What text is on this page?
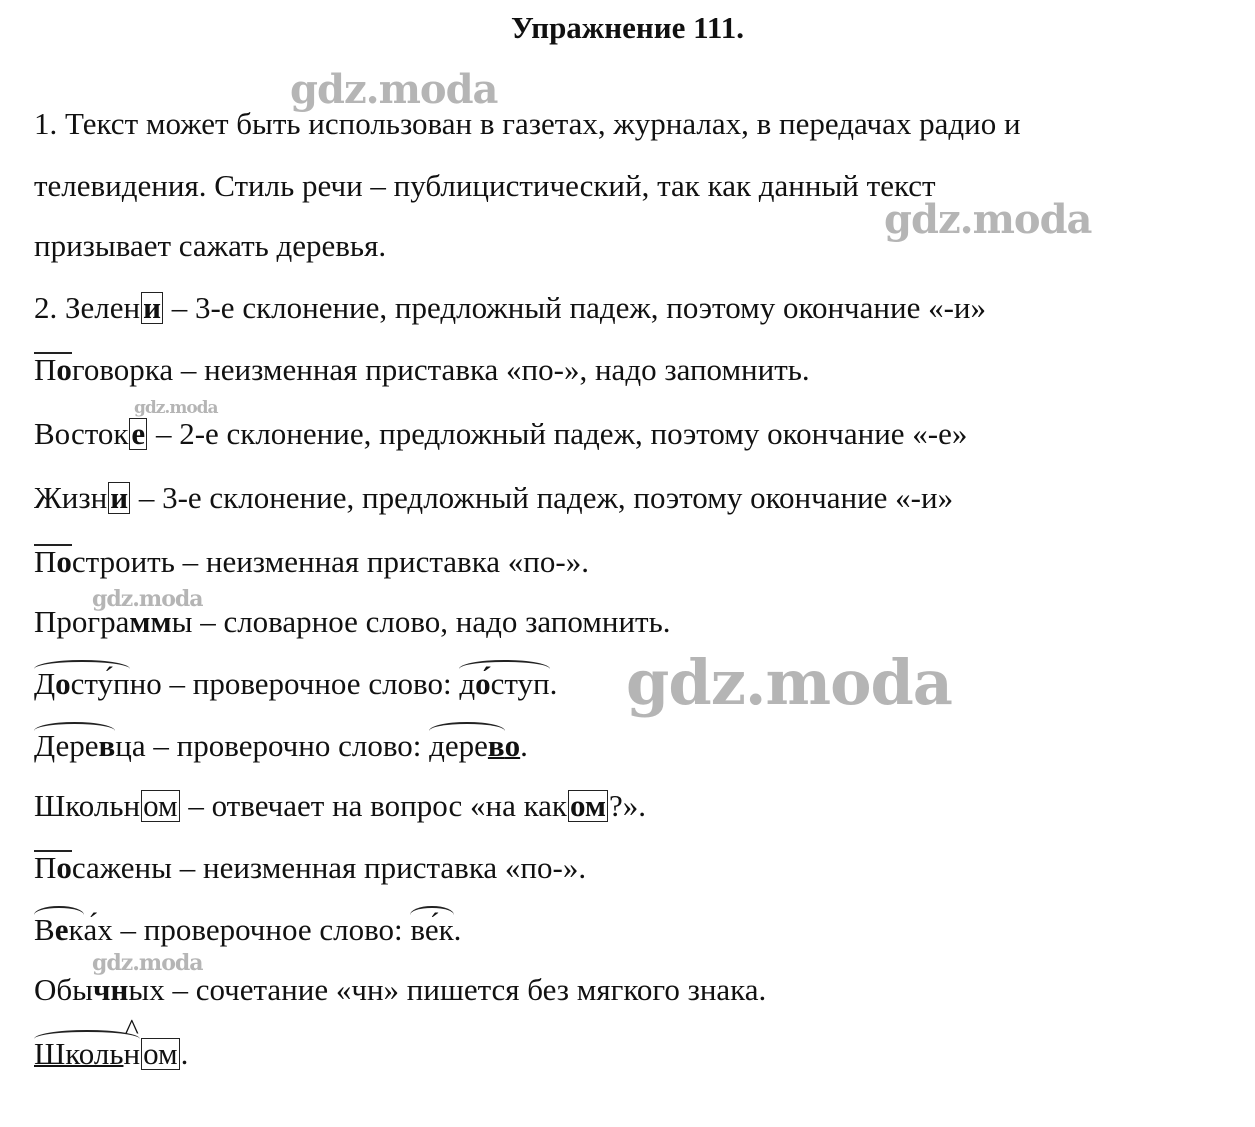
Упражнение 111.
gdz.moda
gdz.moda
gdz.moda
gdz.moda
gdz.moda
gdz.moda
1. Текст может быть использован в газетах, журналах, в передачах радио и
телевидения. Стиль речи – публицистический, так как данный текст
призывает сажать деревья.
2. Зелени – 3-е склонение, предложный падеж, поэтому окончание «-и»
Поговорка – неизменная приставка «по-», надо запомнить.
Востоке – 2-е склонение, предложный падеж, поэтому окончание «-е»
Жизни – 3-е склонение, предложный падеж, поэтому окончание «-и»
Построить – неизменная приставка «по-».
Программы – словарное слово, надо запомнить.
Досту́пно – проверочное слово: до́ступ.
Деревца – проверочно слово: дерево.
Школьном – отвечает на вопрос «на каком?».
Посажены – неизменная приставка «по-».
Века́х – проверочное слово: ве́к.
Обычных – сочетание «чн» пишется без мягкого знака.
Школь^ ном.
